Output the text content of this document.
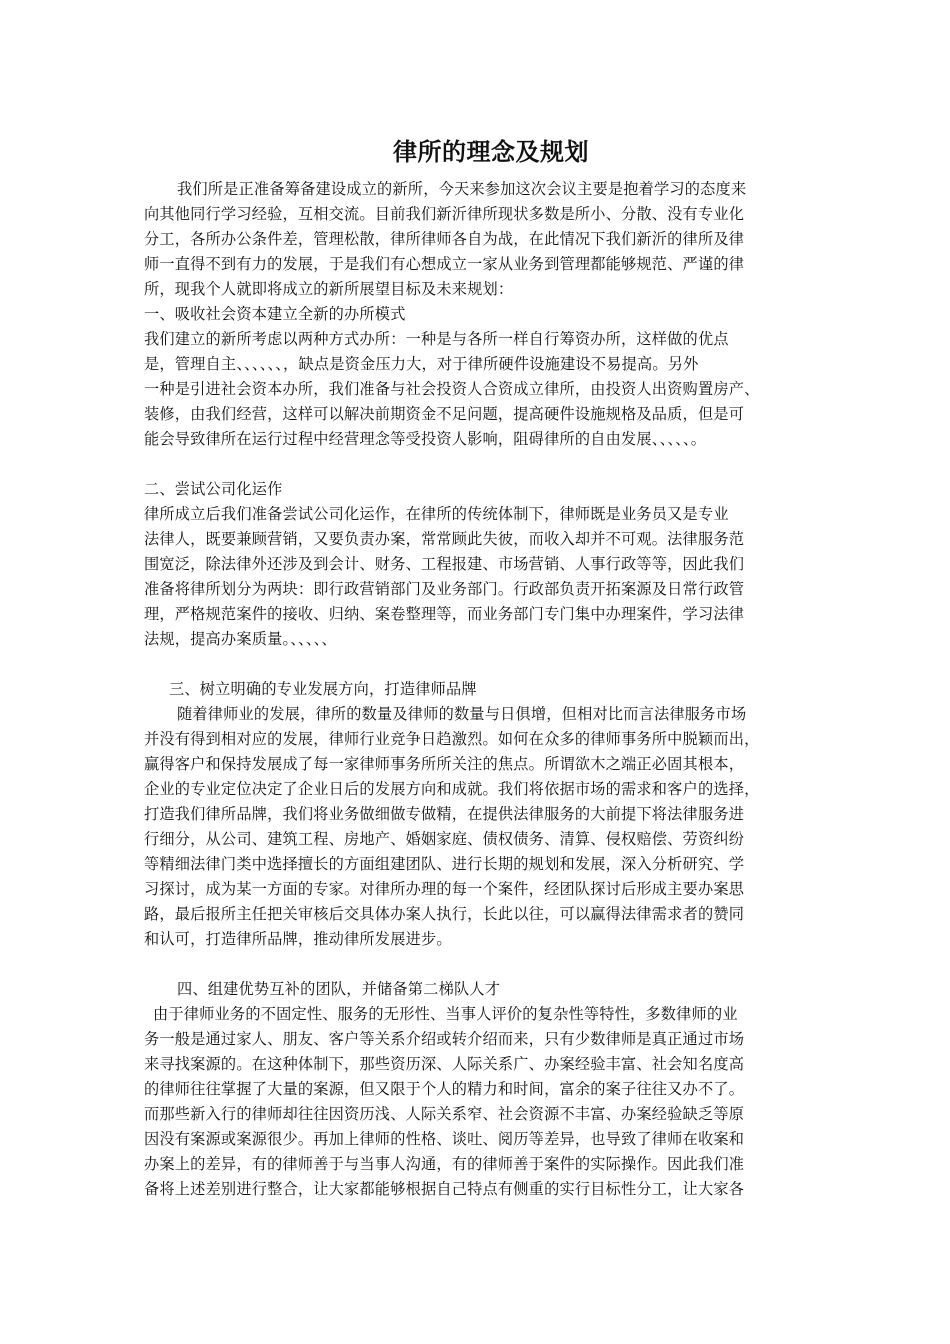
律所的理念及规划
我们所是正准备筹备建设成立的新所，今天来参加这次会议主要是抱着学习的态度来
向其他同行学习经验，互相交流。目前我们新沂律所现状多数是所小、分散、没有专业化
分工，各所办公条件差，管理松散，律所律师各自为战，在此情况下我们新沂的律所及律
师一直得不到有力的发展，于是我们有心想成立一家从业务到管理都能够规范、严谨的律
所，现我个人就即将成立的新所展望目标及未来规划：
一、吸收社会资本建立全新的办所模式
我们建立的新所考虑以两种方式办所：一种是与各所一样自行筹资办所，这样做的优点
是，管理自主、、、、、、，缺点是资金压力大，对于律所硬件设施建设不易提高。另外
一种是引进社会资本办所，我们准备与社会投资人合资成立律所，由投资人出资购置房产、
装修，由我们经营，这样可以解决前期资金不足问题，提高硬件设施规格及品质，但是可
能会导致律所在运行过程中经营理念等受投资人影响，阻碍律所的自由发展、、、、、。
二、尝试公司化运作
律所成立后我们准备尝试公司化运作，在律所的传统体制下，律师既是业务员又是专业
法律人，既要兼顾营销，又要负责办案，常常顾此失彼，而收入却并不可观。法律服务范
围宽泛，除法律外还涉及到会计、财务、工程报建、市场营销、人事行政等等，因此我们
准备将律所划分为两块：即行政营销部门及业务部门。行政部负责开拓案源及日常行政管
理，严格规范案件的接收、归纳、案卷整理等，而业务部门专门集中办理案件，学习法律
法规，提高办案质量。、、、、、
三、树立明确的专业发展方向，打造律师品牌
随着律师业的发展，律所的数量及律师的数量与日俱增，但相对比而言法律服务市场
并没有得到相对应的发展，律师行业竞争日趋激烈。如何在众多的律师事务所中脱颖而出，
赢得客户和保持发展成了每一家律师事务所所关注的焦点。所谓欲木之端正必固其根本，
企业的专业定位决定了企业日后的发展方向和成就。我们将依据市场的需求和客户的选择，
打造我们律所品牌，我们将业务做细做专做精，在提供法律服务的大前提下将法律服务进
行细分，从公司、建筑工程、房地产、婚姻家庭、债权债务、清算、侵权赔偿、劳资纠纷
等精细法律门类中选择擅长的方面组建团队、进行长期的规划和发展，深入分析研究、学
习探讨，成为某一方面的专家。对律所办理的每一个案件，经团队探讨后形成主要办案思
路，最后报所主任把关审核后交具体办案人执行，长此以往，可以赢得法律需求者的赞同
和认可，打造律所品牌，推动律所发展进步。
四、组建优势互补的团队，并储备第二梯队人才
由于律师业务的不固定性、服务的无形性、当事人评价的复杂性等特性，多数律师的业
务一般是通过家人、朋友、客户等关系介绍或转介绍而来，只有少数律师是真正通过市场
来寻找案源的。在这种体制下，那些资历深、人际关系广、办案经验丰富、社会知名度高
的律师往往掌握了大量的案源，但又限于个人的精力和时间，富余的案子往往又办不了。
而那些新入行的律师却往往因资历浅、人际关系窄、社会资源不丰富、办案经验缺乏等原
因没有案源或案源很少。再加上律师的性格、谈吐、阅历等差异，也导致了律师在收案和
办案上的差异，有的律师善于与当事人沟通，有的律师善于案件的实际操作。因此我们准
备将上述差别进行整合，让大家都能够根据自己特点有侧重的实行目标性分工，让大家各
